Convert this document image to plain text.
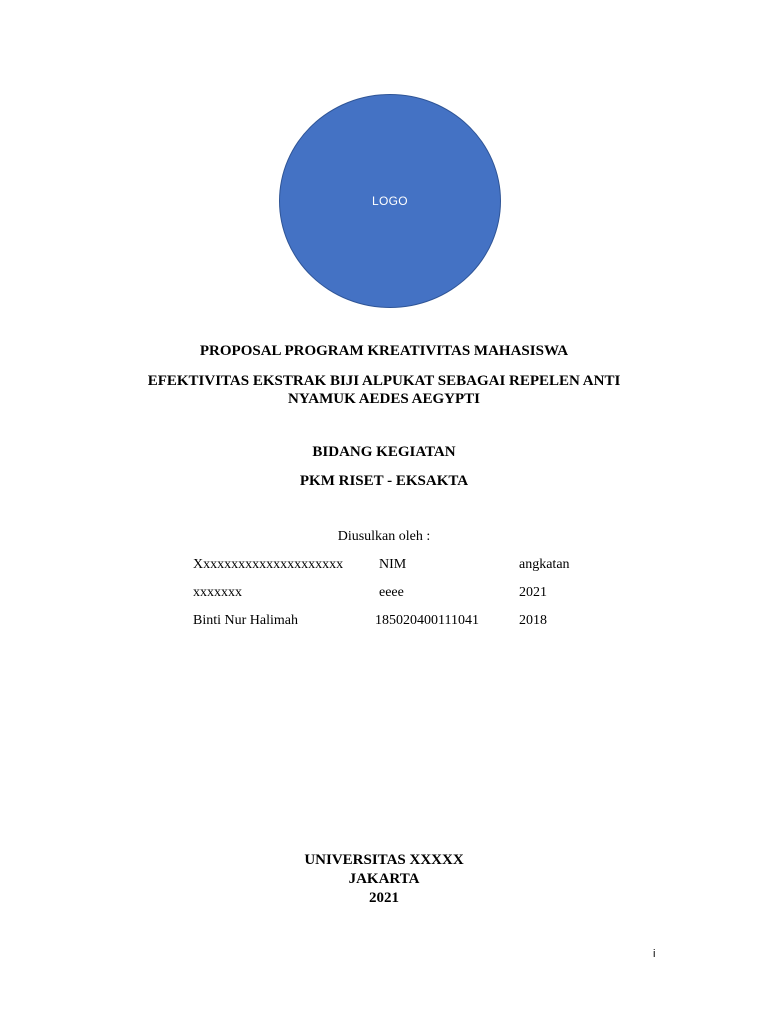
LOGO
PROPOSAL PROGRAM KREATIVITAS MAHASISWA
EFEKTIVITAS EKSTRAK BIJI ALPUKAT SEBAGAI REPELEN ANTI
NYAMUK AEDES AEGYPTI
BIDANG KEGIATAN
PKM RISET - EKSAKTA
Diusulkan oleh :
Xxxxxxxxxxxxxxxxxxxxx	NIM	angkatan
xxxxxxx	eeee	2021
Binti Nur Halimah	185020400111041	2018
UNIVERSITAS XXXXX
JAKARTA
2021
i
